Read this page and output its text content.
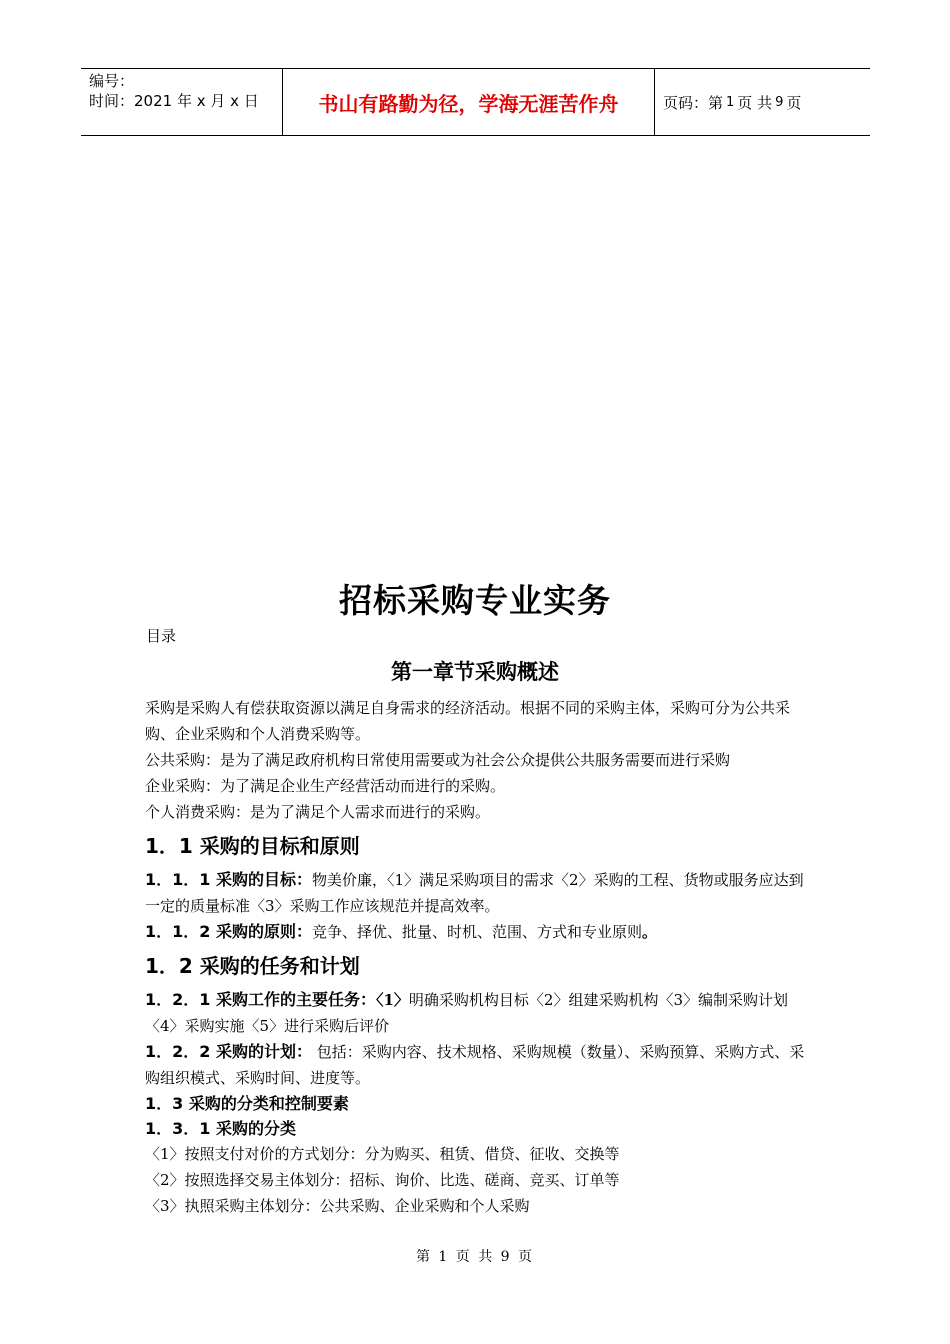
编号：
时间：2021 年 x 月 x 日	书山有路勤为径，学海无涯苦作舟	页码：第 1 页 共 9 页
招标采购专业实务
目录
第一章节采购概述

采购是采购人有偿获取资源以满足自身需求的经济活动。根据不同的采购主体，采购可分为公共采购、企业采购和个人消费采购等。

公共采购：是为了满足政府机构日常使用需要或为社会公众提供公共服务需要而进行采购

企业采购：为了满足企业生产经营活动而进行的采购。

个人消费采购：是为了满足个人需求而进行的采购。

1．1 采购的目标和原则

1．1．1 采购的目标：物美价廉，〈1〉满足采购项目的需求〈2〉采购的工程、货物或服务应达到一定的质量标准〈3〉采购工作应该规范并提高效率。

1．1．2 采购的原则：竞争、择优、批量、时机、范围、方式和专业原则。

1．2 采购的任务和计划

1．2．1 采购工作的主要任务：〈1〉明确采购机构目标〈2〉组建采购机构〈3〉编制采购计划〈4〉采购实施〈5〉进行采购后评价

1．2．2 采购的计划： 包括：采购内容、技术规格、采购规模（数量）、采购预算、采购方式、采购组织模式、采购时间、进度等。

1．3 采购的分类和控制要素

1．3．1 采购的分类

〈1〉按照支付对价的方式划分：分为购买、租赁、借贷、征收、交换等

〈2〉按照选择交易主体划分：招标、询价、比选、磋商、竞买、订单等

〈3〉执照采购主体划分：公共采购、企业采购和个人采购

第 1 页 共 9 页
